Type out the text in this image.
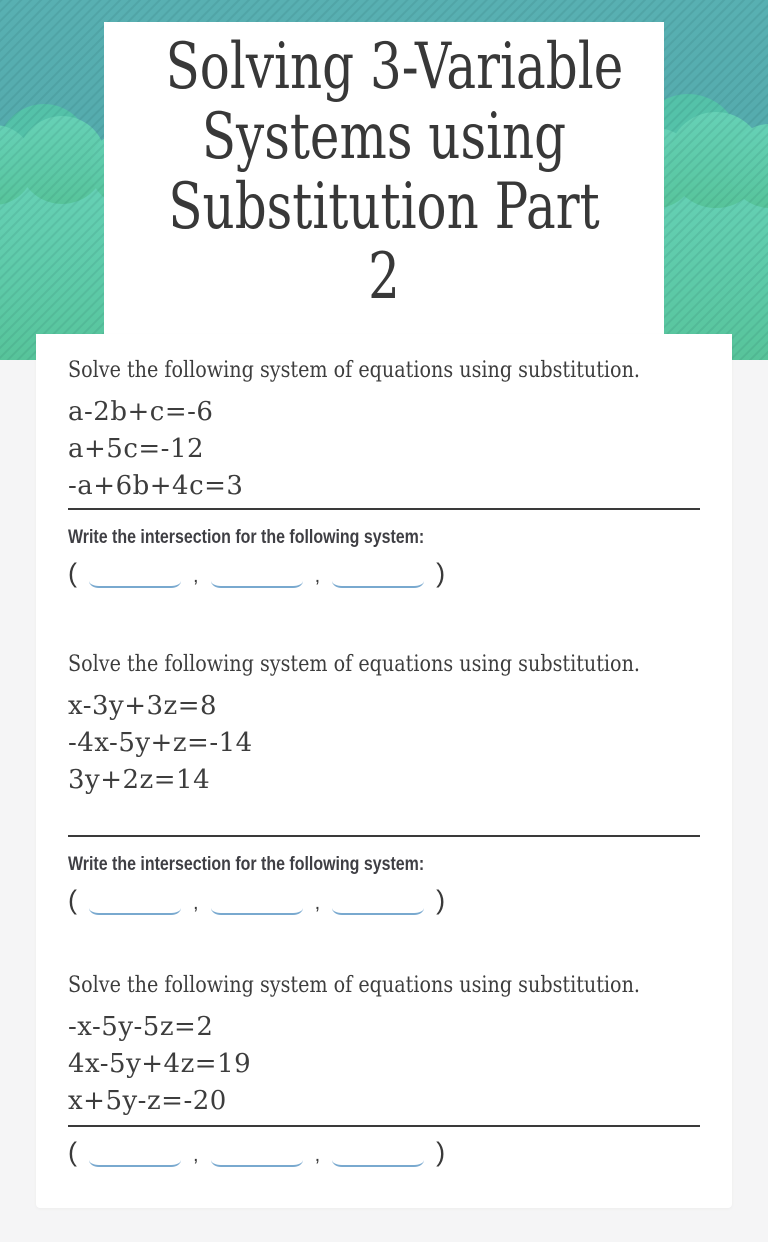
Solving 3-Variable
Systems using
Substitution Part
2
Solve the following system of equations using substitution.
a-2b+c=-6
a+5c=-12
-a+6b+4c=3
Write the intersection for the following system:
(	,	,	)
Solve the following system of equations using substitution.
x-3y+3z=8
-4x-5y+z=-14
3y+2z=14
Write the intersection for the following system:
(	,	,	)
Solve the following system of equations using substitution.
-x-5y-5z=2
4x-5y+4z=19
x+5y-z=-20
(	,	,	)
